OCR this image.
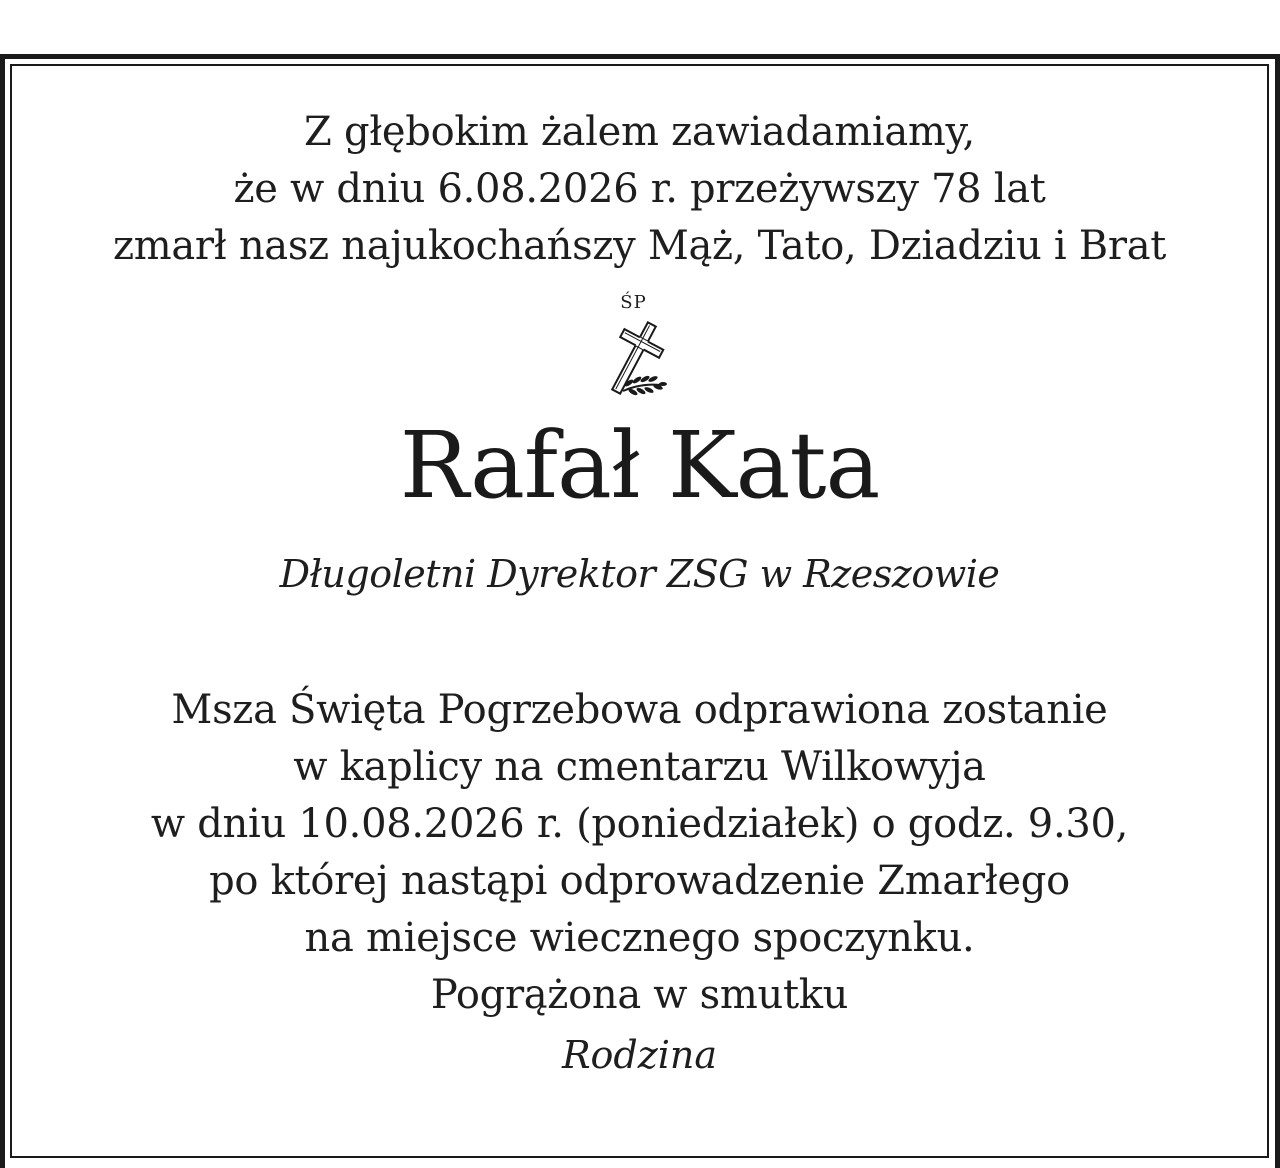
Z głębokim żalem zawiadamiamy,
że w dniu 6.08.2026 r. przeżywszy 78 lat
zmarł nasz najukochańszy Mąż, Tato, Dziadziu i Brat
ŚP
Rafał Kata
Długoletni Dyrektor ZSG w Rzeszowie
Msza Święta Pogrzebowa odprawiona zostanie
w kaplicy na cmentarzu Wilkowyja
w dniu 10.08.2026 r. (poniedziałek) o godz. 9.30,
po której nastąpi odprowadzenie Zmarłego
na miejsce wiecznego spoczynku.
Pogrążona w smutku
Rodzina
